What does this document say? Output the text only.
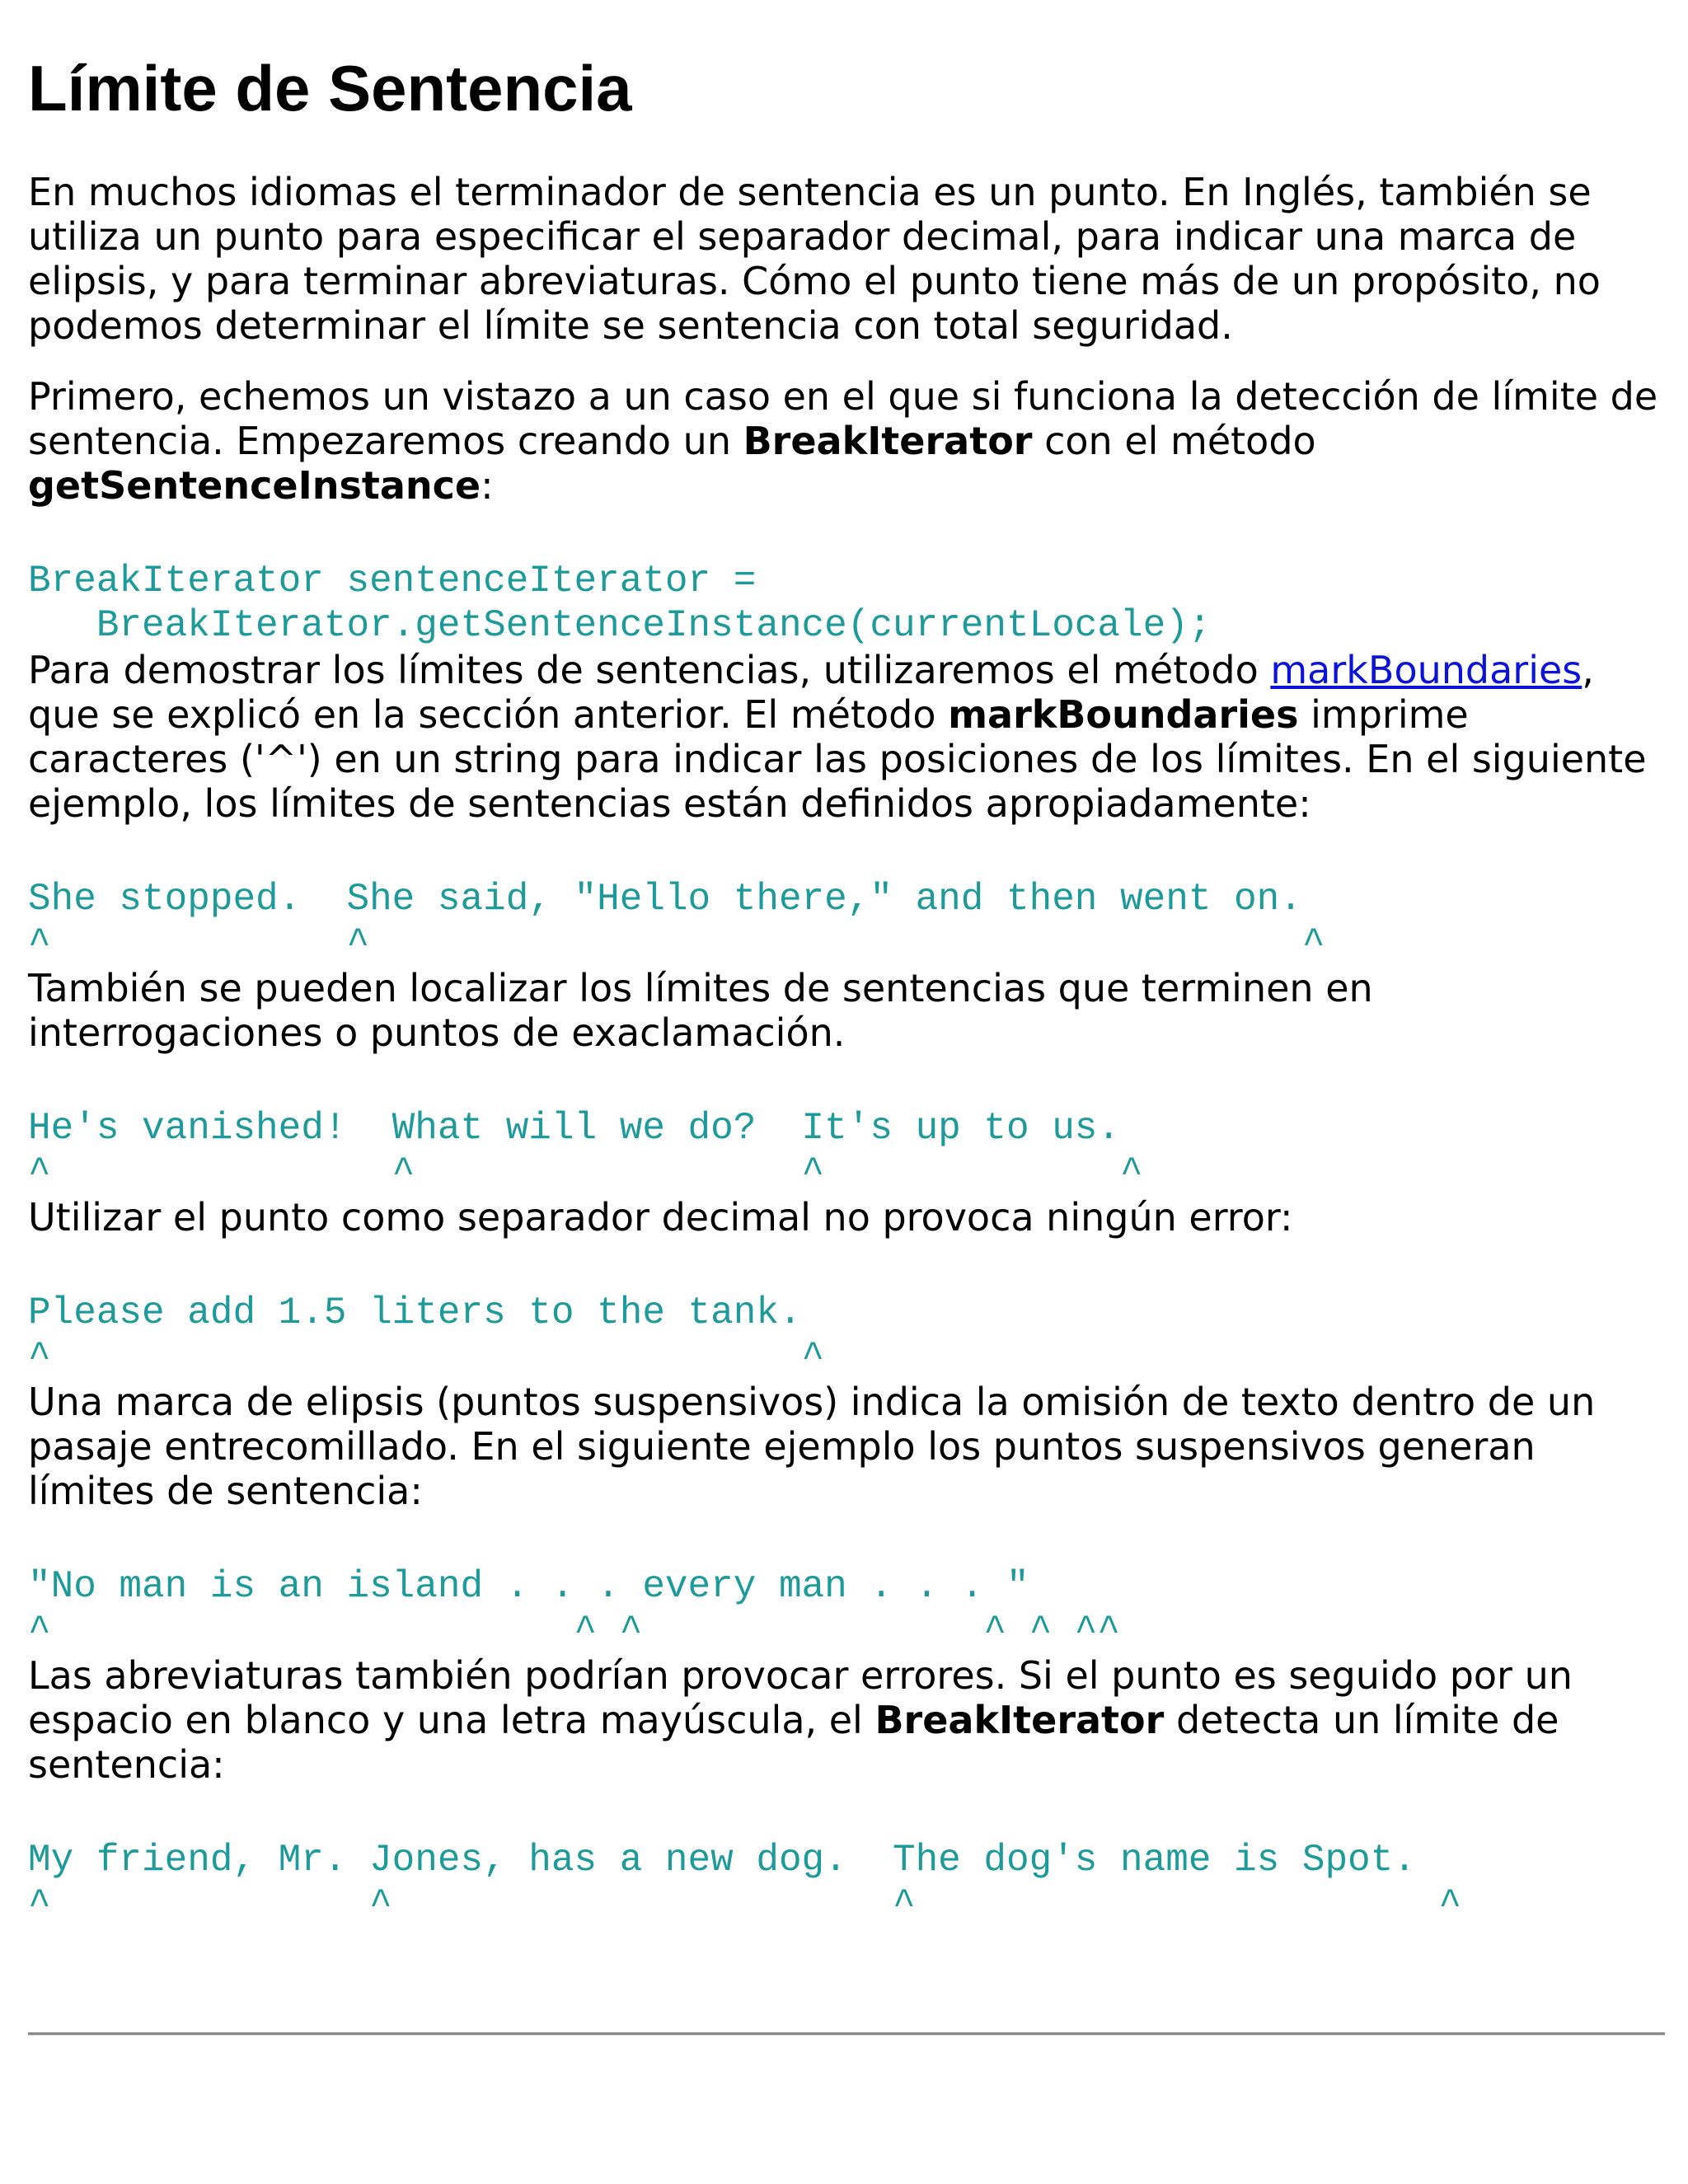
Límite de Sentencia

En muchos idiomas el terminador de sentencia es un punto. En Inglés, también se utiliza un punto para especificar el separador decimal, para indicar una marca de elipsis, y para terminar abreviaturas. Cómo el punto tiene más de un propósito, no podemos determinar el límite se sentencia con total seguridad.

Primero, echemos un vistazo a un caso en el que si funciona la detección de límite de sentencia. Empezaremos creando un BreakIterator con el método getSentenceInstance:

BreakIterator sentenceIterator =
BreakIterator.getSentenceInstance(currentLocale);

Para demostrar los límites de sentencias, utilizaremos el método markBoundaries, que se explicó en la sección anterior. El método markBoundaries imprime caracteres ('^') en un string para indicar las posiciones de los límites. En el siguiente ejemplo, los límites de sentencias están definidos apropiadamente:

She stopped.  She said, "Hello there," and then went on.
^             ^                                         ^

También se pueden localizar los límites de sentencias que terminen en interrogaciones o puntos de exaclamación.

He's vanished!  What will we do?  It's up to us.
^               ^                 ^             ^

Utilizar el punto como separador decimal no provoca ningún error:

Please add 1.5 liters to the tank.
^                                 ^

Una marca de elipsis (puntos suspensivos) indica la omisión de texto dentro de un pasaje entrecomillado. En el siguiente ejemplo los puntos suspensivos generan límites de sentencia:

"No man is an island . . . every man . . . "
^                       ^ ^               ^ ^ ^^

Las abreviaturas también podrían provocar errores. Si el punto es seguido por un espacio en blanco y una letra mayúscula, el BreakIterator detecta un límite de sentencia:

My friend, Mr. Jones, has a new dog.  The dog's name is Spot.
^              ^                      ^                       ^
